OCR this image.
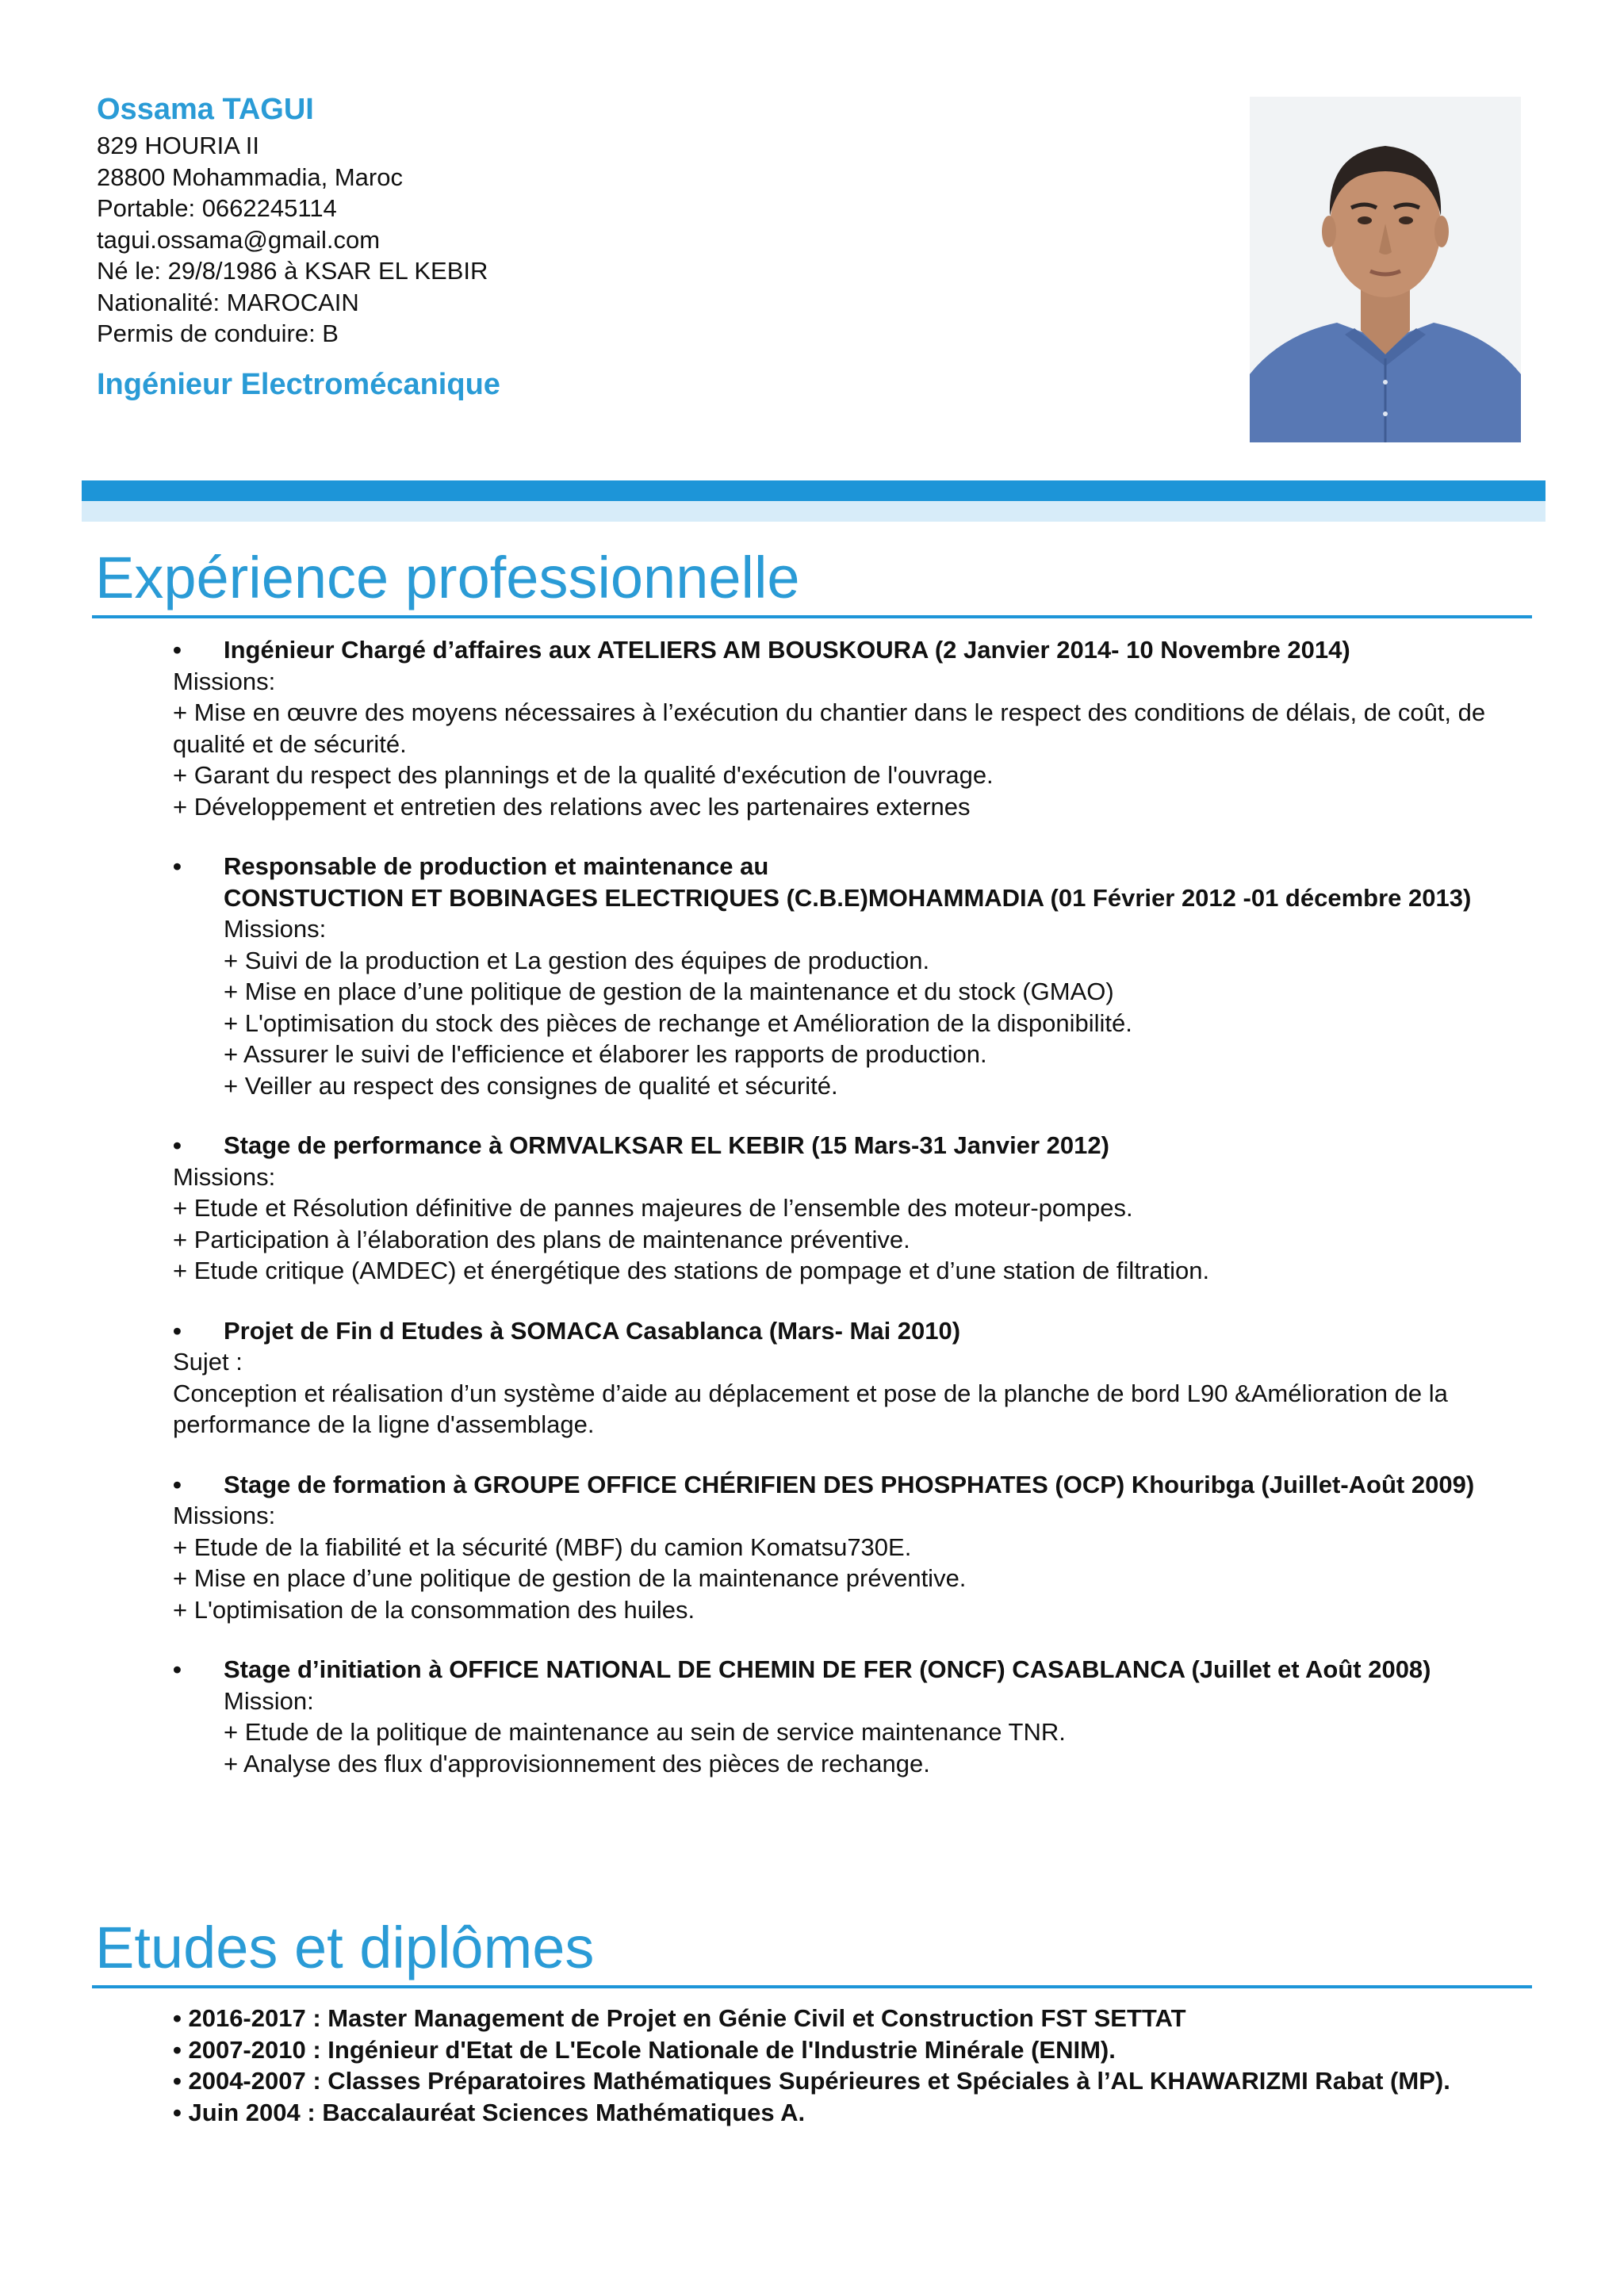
Ossama TAGUI

829 HOURIA II

28800 Mohammadia, Maroc

Portable: 0662245114

tagui.ossama@gmail.com

Né le: 29/8/1986 à KSAR EL KEBIR

Nationalité: MAROCAIN

Permis de conduire: B

Ingénieur Electromécanique

Expérience professionnelle
• Ingénieur Chargé d’affaires aux ATELIERS AM BOUSKOURA (2 Janvier 2014- 10 Novembre 2014)

Missions:

+ Mise en œuvre des moyens nécessaires à l’exécution du chantier dans le respect des conditions de délais, de coût, de qualité et de sécurité.

+ Garant du respect des plannings et de la qualité d'exécution de l'ouvrage.

+ Développement et entretien des relations avec les partenaires externes

• Responsable de production et maintenance au
CONSTUCTION ET BOBINAGES ELECTRIQUES (C.B.E)MOHAMMADIA (01 Février 2012 -01 décembre 2013)

Missions:

+ Suivi de la production et La gestion des équipes de production.

+ Mise en place d’une politique de gestion de la maintenance et du stock (GMAO)

+ L'optimisation du stock des pièces de rechange et Amélioration de la disponibilité.

+ Assurer le suivi de l'efficience et élaborer les rapports de production.

+ Veiller au respect des consignes de qualité et sécurité.

• Stage de performance à ORMVALKSAR EL KEBIR (15 Mars-31 Janvier 2012)

Missions:

+ Etude et Résolution définitive de pannes majeures de l’ensemble des moteur-pompes.

+ Participation à l’élaboration des plans de maintenance préventive.

+ Etude critique (AMDEC) et énergétique des stations de pompage et d’une station de filtration.

• Projet de Fin d Etudes à SOMACA Casablanca (Mars- Mai 2010)

Sujet :

Conception et réalisation d’un système d’aide au déplacement et pose de la planche de bord L90 &Amélioration de la performance de la ligne d'assemblage.

• Stage de formation à GROUPE OFFICE CHÉRIFIEN DES PHOSPHATES (OCP) Khouribga (Juillet-Août 2009)

Missions:

+ Etude de la fiabilité et la sécurité (MBF) du camion Komatsu730E.

+ Mise en place d’une politique de gestion de la maintenance préventive.

+ L'optimisation de la consommation des huiles.

• Stage d’initiation à OFFICE NATIONAL DE CHEMIN DE FER (ONCF) CASABLANCA (Juillet et Août 2008)

Mission:

+ Etude de la politique de maintenance au sein de service maintenance TNR.

+ Analyse des flux d'approvisionnement des pièces de rechange.

Etudes et diplômes

• 2016-2017 : Master Management de Projet en Génie Civil et Construction FST SETTAT

• 2007-2010 : Ingénieur d'Etat de L'Ecole Nationale de l'Industrie Minérale (ENIM).

• 2004-2007 : Classes Préparatoires Mathématiques Supérieures et Spéciales à l’AL KHAWARIZMI Rabat (MP).

• Juin 2004 : Baccalauréat Sciences Mathématiques A.
